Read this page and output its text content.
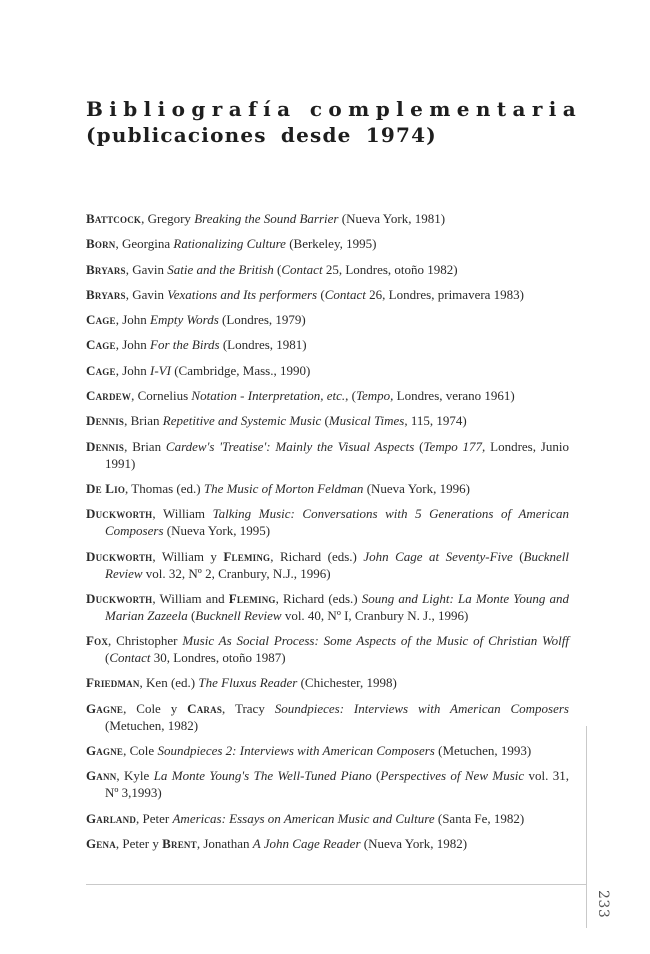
Bibliografía complementaria
(publicaciones desde 1974)
Battcock, Gregory Breaking the Sound Barrier (Nueva York, 1981)
Born, Georgina Rationalizing Culture (Berkeley, 1995)
Bryars, Gavin Satie and the British (Contact 25, Londres, otoño 1982)
Bryars, Gavin Vexations and Its performers (Contact 26, Londres, primavera 1983)
Cage, John Empty Words (Londres, 1979)
Cage, John For the Birds (Londres, 1981)
Cage, John I-VI (Cambridge, Mass., 1990)
Cardew, Cornelius Notation - Interpretation, etc., (Tempo, Londres, verano 1961)
Dennis, Brian Repetitive and Systemic Music (Musical Times, 115, 1974)
Dennis, Brian Cardew's 'Treatise': Mainly the Visual Aspects (Tempo 177, Londres, Junio 1991)
De Lio, Thomas (ed.) The Music of Morton Feldman (Nueva York, 1996)
Duckworth, William Talking Music: Conversations with 5 Generations of American Composers (Nueva York, 1995)
Duckworth, William y Fleming, Richard (eds.) John Cage at Seventy-Five (Bucknell Review vol. 32, Nº 2, Cranbury, N.J., 1996)
Duckworth, William and Fleming, Richard (eds.) Soung and Light: La Monte Young and Marian Zazeela (Bucknell Review vol. 40, Nº I, Cranbury N. J., 1996)
Fox, Christopher Music As Social Process: Some Aspects of the Music of Christian Wolff (Contact 30, Londres, otoño 1987)
Friedman, Ken (ed.) The Fluxus Reader (Chichester, 1998)
Gagne, Cole y Caras, Tracy Soundpieces: Interviews with American Composers (Metuchen, 1982)
Gagne, Cole Soundpieces 2: Interviews with American Composers (Metuchen, 1993)
Gann, Kyle La Monte Young's The Well-Tuned Piano (Perspectives of New Music vol. 31, Nº 3,1993)
Garland, Peter Americas: Essays on American Music and Culture (Santa Fe, 1982)
Gena, Peter y Brent, Jonathan A John Cage Reader (Nueva York, 1982)
233
